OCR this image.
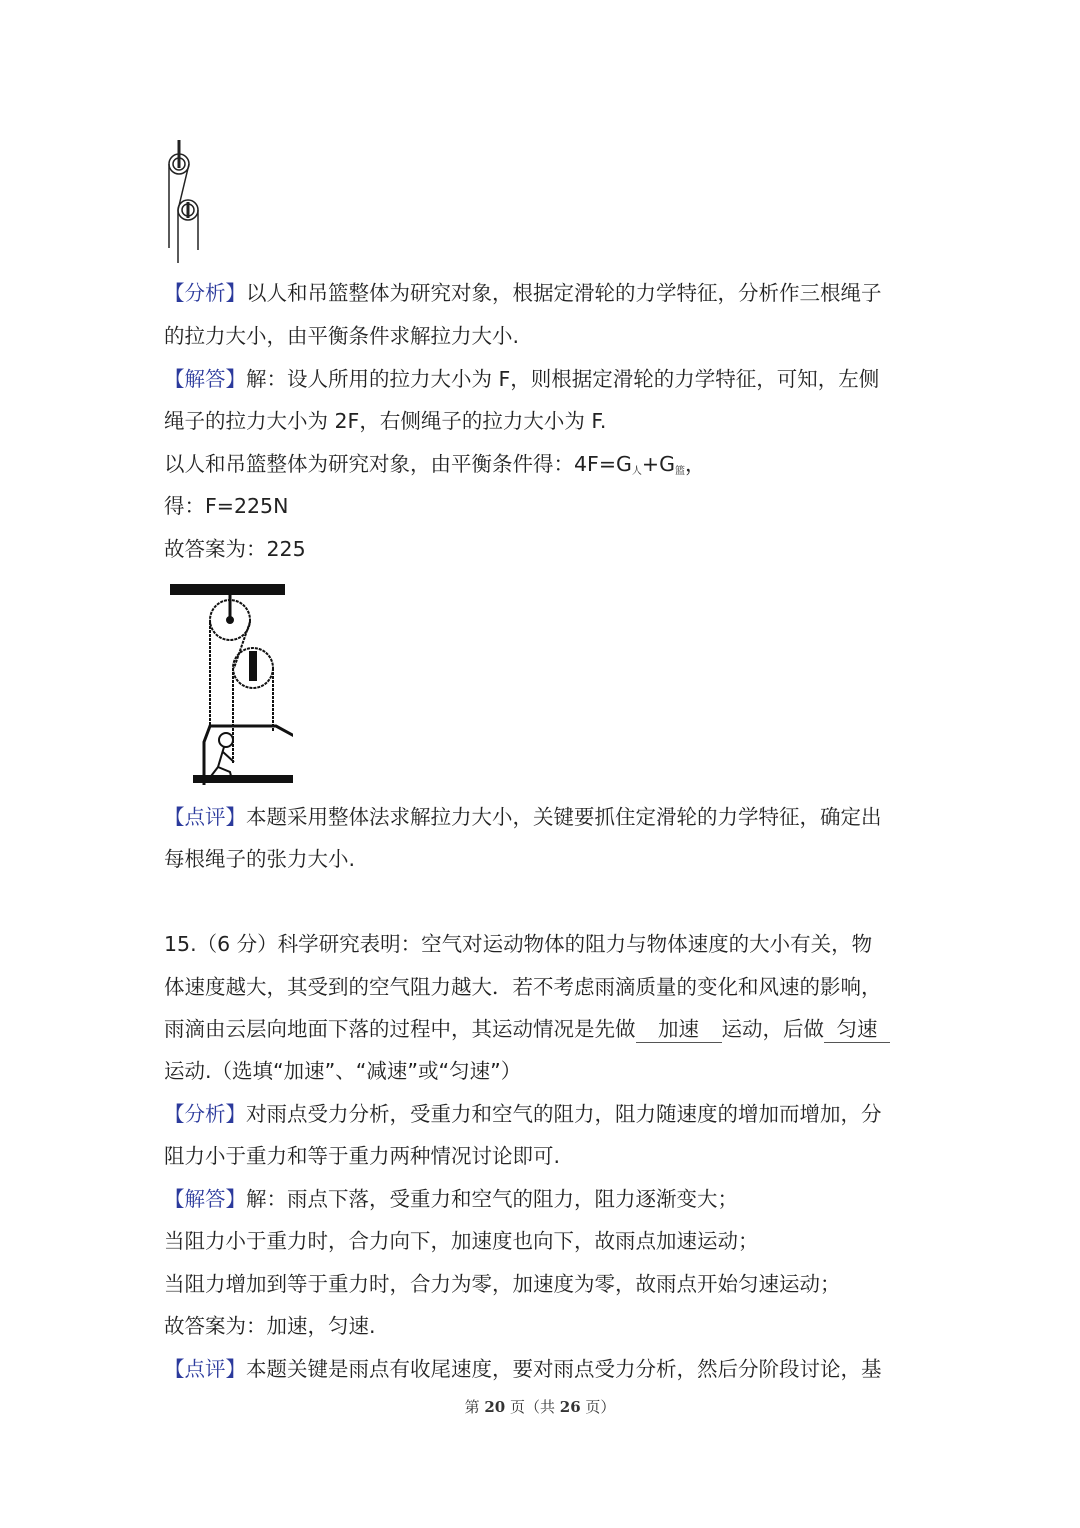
【分析】以人和吊篮整体为研究对象，根据定滑轮的力学特征，分析作三根绳子
的拉力大小，由平衡条件求解拉力大小.
【解答】解：设人所用的拉力大小为 F，则根据定滑轮的力学特征，可知，左侧
绳子的拉力大小为 2F，右侧绳子的拉力大小为 F.
以人和吊篮整体为研究对象，由平衡条件得：$4F=G_人+G_篮$，
得：F=225N
故答案为：225
【点评】本题采用整体法求解拉力大小，关键要抓住定滑轮的力学特征，确定出
每根绳子的张力大小.
15.（6 分）科学研究表明：空气对运动物体的阻力与物体速度的大小有关，物
体速度越大，其受到的空气阻力越大．若不考虑雨滴质量的变化和风速的影响，
雨滴由云层向地面下落的过程中，其运动情况是先做 加速 运动，后做 匀速
运动.（选填“加速”、“减速”或“匀速”）
【分析】对雨点受力分析，受重力和空气的阻力，阻力随速度的增加而增加，分
阻力小于重力和等于重力两种情况讨论即可.
【解答】解：雨点下落，受重力和空气的阻力，阻力逐渐变大；
当阻力小于重力时，合力向下，加速度也向下，故雨点加速运动；
当阻力增加到等于重力时，合力为零，加速度为零，故雨点开始匀速运动；
故答案为：加速，匀速.
【点评】本题关键是雨点有收尾速度，要对雨点受力分析，然后分阶段讨论，基
第 20 页（共 26 页）
